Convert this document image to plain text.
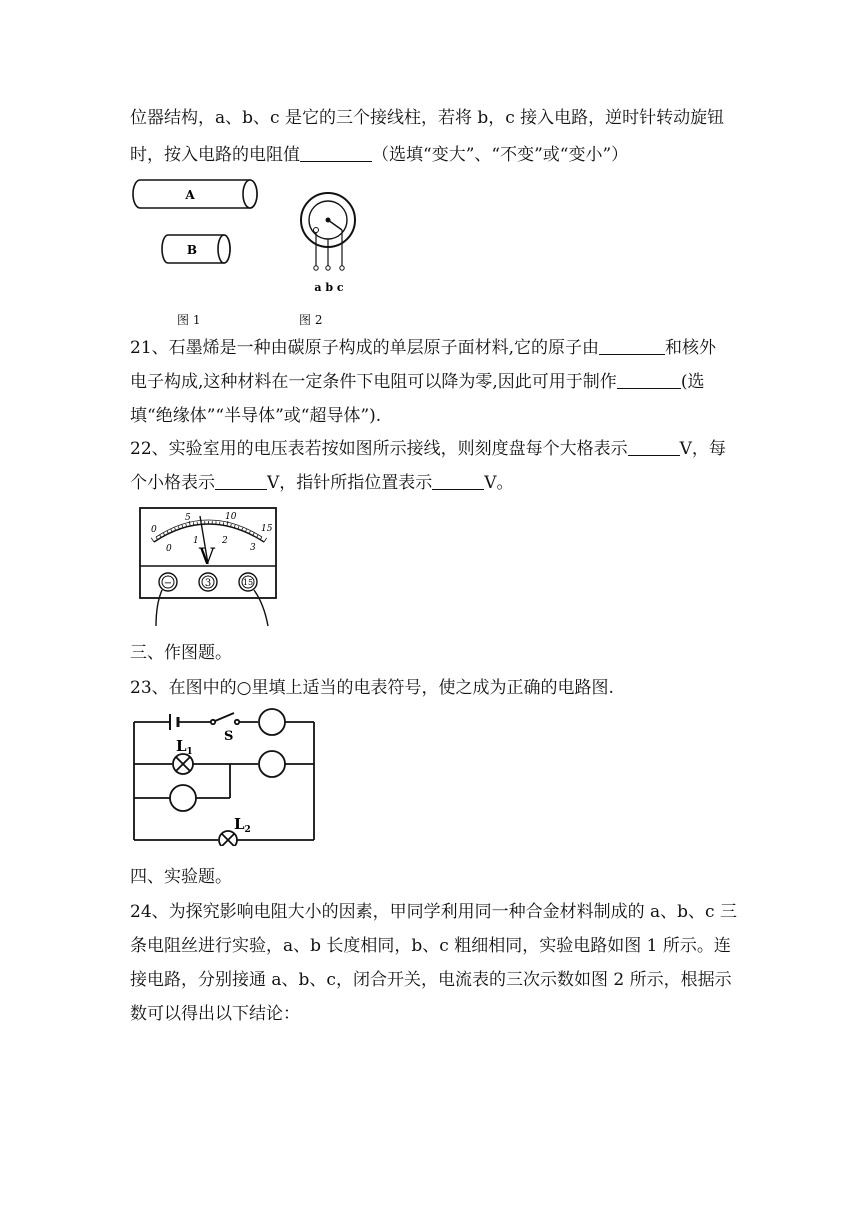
位器结构，a、b、c 是它的三个接线柱，若将 b，c 接入电路，逆时针转动旋钮
时，按入电路的电阻值	（选填“变大”、“不变”或“变小”）
A
B
图 1
a b c
图 2
21、石墨烯是一种由碳原子构成的单层原子面材料,它的原子由	和核外
电子构成,这种材料在一定条件下电阻可以降为零,因此可用于制作	(选
填“绝缘体”“半导体”或“超导体”).
22、实验室用的电压表若按如图所示接线，则刻度盘每个大格表示	V，每
个小格表示	V，指针所指位置表示	V。
0
5	10
15
0
1	2
3
V
−	3	15
三、作图题。
23、在图中的○里填上适当的电表符号，使之成为正确的电路图.
S
$L_1$
$L_2$
四、实验题。
24、为探究影响电阻大小的因素，甲同学利用同一种合金材料制成的 a、b、c 三
条电阻丝进行实验，a、b 长度相同，b、c 粗细相同，实验电路如图 1 所示。连
接电路，分别接通 a、b、c，闭合开关，电流表的三次示数如图 2 所示，根据示
数可以得出以下结论：
